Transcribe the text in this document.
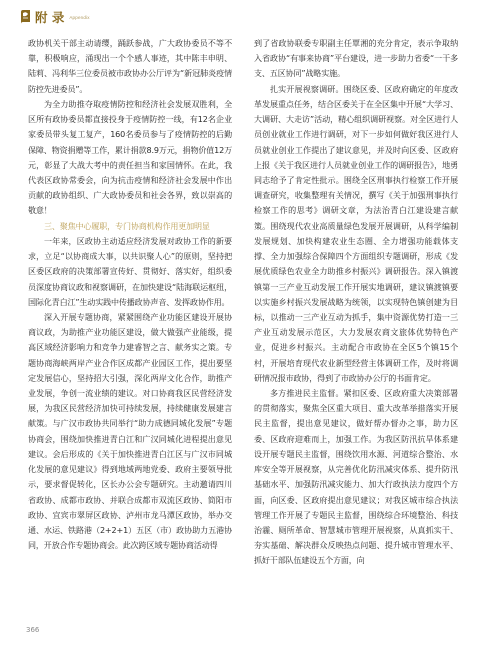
附 录 Appendix

政协机关干部主动请缨，踊跃参战，广大政协委员不等不靠，积极响应，涌现出一个个感人事迹，其中陈丰申明、陆莉、冯利华三位委员被市政协办公厅评为“新冠肺炎疫情防控先进委员”。

为全力助推夺取疫情防控和经济社会发展双胜利，全区所有政协委员都直接投身于疫情防控一线，有12名企业家委员带头复工复产，160名委员参与了疫情防控的后勤保障、物资捐赠等工作，累计捐款8.9万元，捐物价值12万元，彰显了大战大考中的责任担当和家国情怀。在此，我代表区政协常委会，向为抗击疫情和经济社会发展中作出贡献的政协组织、广大政协委员和社会各界，致以崇高的敬意！

三、聚焦中心履职，专门协商机构作用更加明显

一年来，区政协主动适应经济发展对政协工作的新要求，立足“以协商成大事，以共识聚人心”的原则，坚持把区委区政府的决策部署宣传好、贯彻好、落实好，组织委员深度协商议政和视察调研，在加快建设“陆海联运枢纽，国际化青白江”生动实践中传播政协声音、发挥政协作用。

深入开展专题协商，紧紧围绕产业功能区建设开展协商议政，为助推产业功能区建设，做大做强产业能级，提高区域经济影响力和竞争力建睿智之言、献务实之策。专题协商海峡两岸产业合作区成都产业园区工作，提出要坚定发展信心，坚持招大引强，深化两岸文化合作，助推产业发展，争创一流业绩的建议。对口协商我区民营经济发展，为我区民营经济加快可持续发展，持续健康发展建言献策。与广汉市政协共同举行“助力成德同城化发展”专题协商会，围绕加快推进青白江和广汉同城化进程提出意见建议。会后形成的《关于加快推进青白江区与广汉市同城化发展的意见建议》得到地域两地党委、政府主要领导批示，要求督促转化，区长办公会专题研究。主动邀请四川省政协、成都市政协、并联合成都市双流区政协、简阳市政协、宜宾市翠屏区政协、泸州市龙马潭区政协，举办交通、水运、铁路港（2+2+1）五区（市）政协助力五港协同，开放合作专题协商会。此次跨区域专题协商活动得

到了省政协联委专职副主任覃湘的充分肯定，表示争取纳入省政协“有事来协商”平台建设，进一步助力省委“一干多支、五区协同”战略实施。

扎实开展视察调研。围绕区委、区政府确定的年度改革发展重点任务，结合区委关于在全区集中开展“大学习、大调研、大走访”活动，精心组织调研视察。对全区进行人员创业就业工作进行调研，对下一步如何做好我区进行人员就业创业工作提出了建议意见，并及时向区委、区政府上报《关于我区进行人员就业创业工作的调研报告》，地勇同志给予了肯定性批示。围绕全区刑事执行检察工作开展调查研究，收集整理有关情况，撰写《关于加强刑事执行检察工作的思考》调研文章，为法治青白江建设建言献策。围绕现代农业高质量绿色发展开展调研，从科学编制发展规划、加快构建农业生态圈、全力增强功能载体支撑、全力加强综合保障四个方面组织专题调研，形成《发展优质绿色农业全力助推乡村振兴》调研报告。深入镇渡镇第一三产业互动发展工作开展实地调研，建议镇渡镇要以实施乡村振兴发展战略为统领，以实现特色镇创建为目标，以推动一三产业互动为抓手，集中资源优势打造一三产业互动发展示范区，大力发展农商文旅体优势特色产业，促进乡村振兴。主动配合市政协在全区5个镇15个村，开展培育现代农业新型经营主体调研工作，及时将调研情况报市政协，得到了市政协办公厅的书面肯定。

多方推进民主监督。紧扣区委、区政府重大决策部署的贯彻落实，聚焦全区重大项目、重大改革举措落实开展民主监督，提出意见建议，做好帮办督办之事，助力区委、区政府迎难而上，加强工作。为我区防汛抗旱体系建设开展专题民主监督，围绕饮用水源、河道综合整治、水库安全等开展视察，从完善优化防汛减灾体系、提升防汛基础水平、加强防汛减灾能力、加大行政执法力度四个方面，向区委、区政府提出意见建议；对我区城市综合执法管理工作开展了专题民主监督，围绕综合环境整治、科技治霾、厕所革命、智慧城市管理开展视察，从真抓实干、夯实基础、解决群众反映热点问题、提升城市管理水平、抓好干部队伍建设五个方面，向

366
